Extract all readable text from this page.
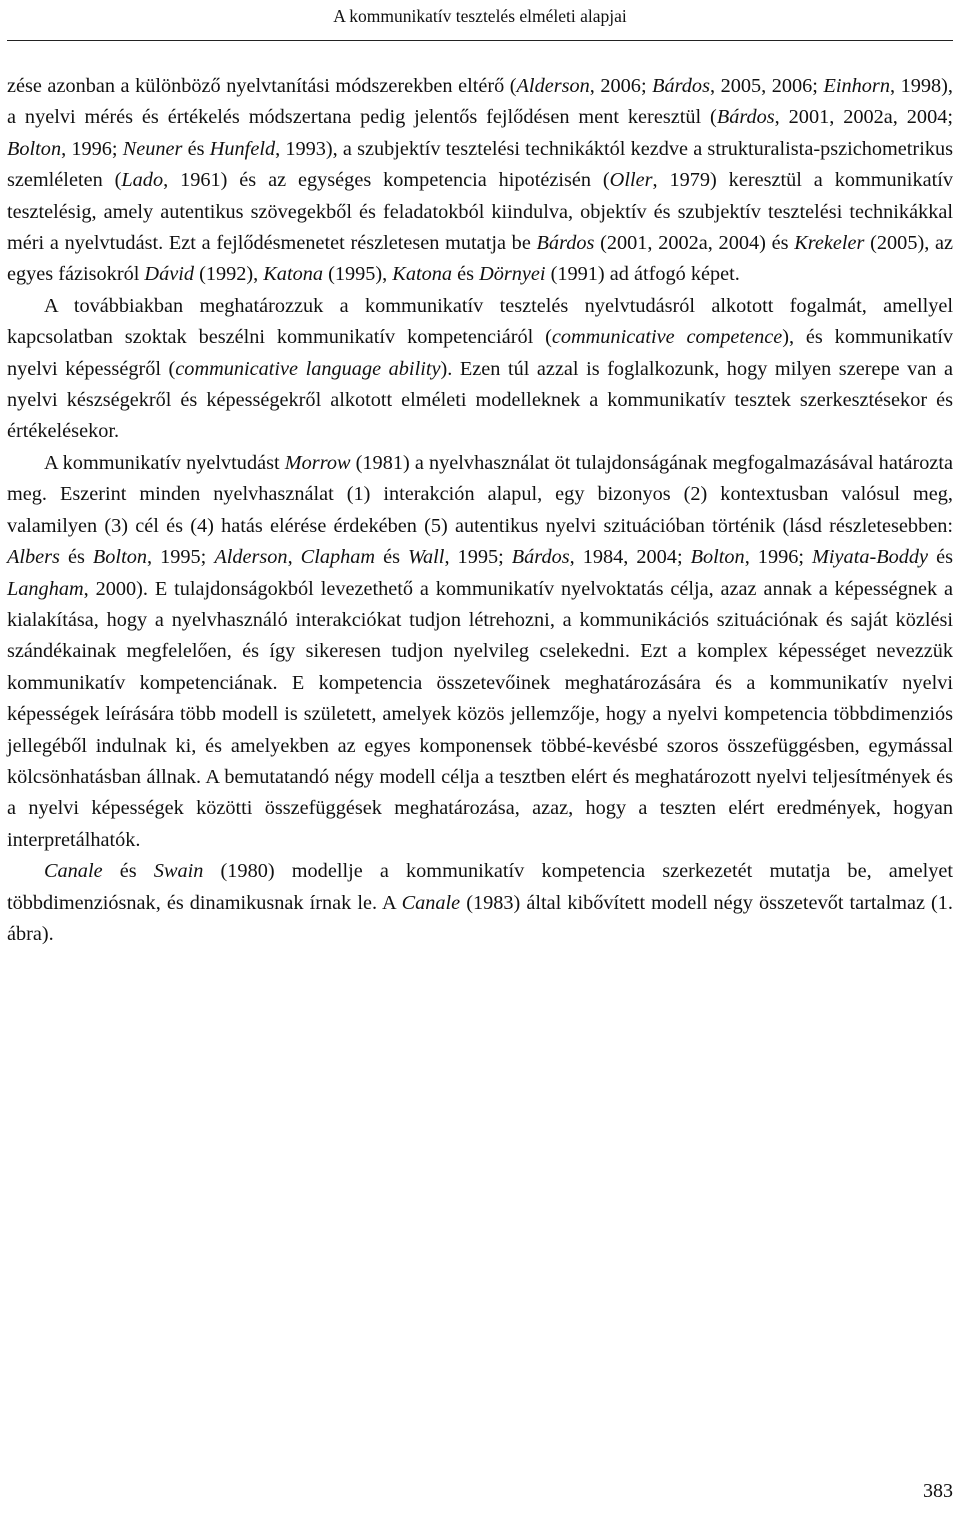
A kommunikatív tesztelés elméleti alapjai

zése azonban a különböző nyelvtanítási módszerekben eltérő (Alderson, 2006; Bárdos, 2005, 2006; Einhorn, 1998), a nyelvi mérés és értékelés módszertana pedig jelentős fejlődésen ment keresztül (Bárdos, 2001, 2002a, 2004; Bolton, 1996; Neuner és Hunfeld, 1993), a szubjektív tesztelési technikáktól kezdve a strukturalista-pszichometrikus szemléleten (Lado, 1961) és az egységes kompetencia hipotézisén (Oller, 1979) keresztül a kommunikatív tesztelésig, amely autentikus szövegekből és feladatokból kiindulva, objektív és szubjektív tesztelési technikákkal méri a nyelvtudást. Ezt a fejlődésmenetet részletesen mutatja be Bárdos (2001, 2002a, 2004) és Krekeler (2005), az egyes fázisokról Dávid (1992), Katona (1995), Katona és Dörnyei (1991) ad átfogó képet.

A továbbiakban meghatározzuk a kommunikatív tesztelés nyelvtudásról alkotott fogalmát, amellyel kapcsolatban szoktak beszélni kommunikatív kompetenciáról (communicative competence), és kommunikatív nyelvi képességről (communicative language ability). Ezen túl azzal is foglalkozunk, hogy milyen szerepe van a nyelvi készségekről és képességekről alkotott elméleti modelleknek a kommunikatív tesztek szerkesztésekor és értékelésekor.

A kommunikatív nyelvtudást Morrow (1981) a nyelvhasználat öt tulajdonságának megfogalmazásával határozta meg. Eszerint minden nyelvhasználat (1) interakción alapul, egy bizonyos (2) kontextusban valósul meg, valamilyen (3) cél és (4) hatás elérése érdekében (5) autentikus nyelvi szituációban történik (lásd részletesebben: Albers és Bolton, 1995; Alderson, Clapham és Wall, 1995; Bárdos, 1984, 2004; Bolton, 1996; Miyata-Boddy és Langham, 2000). E tulajdonságokból levezethető a kommunikatív nyelvoktatás célja, azaz annak a képességnek a kialakítása, hogy a nyelvhasználó interakciókat tudjon létrehozni, a kommunikációs szituációnak és saját közlési szándékainak megfelelően, és így sikeresen tudjon nyelvileg cselekedni. Ezt a komplex képességet nevezzük kommunikatív kompetenciának. E kompetencia összetevőinek meghatározására és a kommunikatív nyelvi képességek leírására több modell is született, amelyek közös jellemzője, hogy a nyelvi kompetencia többdimenziós jellegéből indulnak ki, és amelyekben az egyes komponensek többé-kevésbé szoros összefüggésben, egymással kölcsönhatásban állnak. A bemutatandó négy modell célja a tesztben elért és meghatározott nyelvi teljesítmények és a nyelvi képességek közötti összefüggések meghatározása, azaz, hogy a teszten elért eredmények, hogyan interpretálhatók.

Canale és Swain (1980) modellje a kommunikatív kompetencia szerkezetét mutatja be, amelyet többdimenziósnak, és dinamikusnak írnak le. A Canale (1983) által kibővített modell négy összetevőt tartalmaz (1. ábra).

383
